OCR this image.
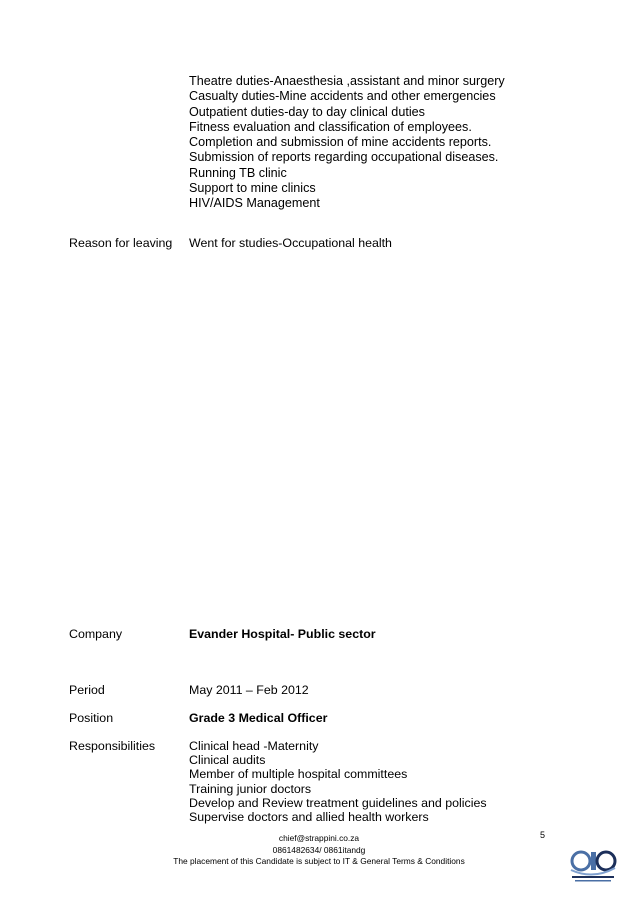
Theatre duties-Anaesthesia ,assistant and minor surgery
Casualty duties-Mine accidents and other emergencies
Outpatient duties-day to day clinical duties
Fitness evaluation and classification of employees.
Completion and submission of mine accidents reports.
Submission of reports regarding occupational diseases.
Running TB clinic
Support to mine clinics
HIV/AIDS Management
Reason for leaving Went for studies-Occupational health
Company	Evander Hospital- Public sector
Period	May 2011 – Feb 2012
Position	Grade 3 Medical Officer
Responsibilities	Clinical head -Maternity
Clinical audits
Member of multiple hospital committees
Training junior doctors
Develop and Review treatment guidelines and policies
Supervise doctors and allied health workers
chief@strappini.co.za
0861482634/ 0861itandg
The placement of this Candidate is subject to IT & General Terms & Conditions
5
